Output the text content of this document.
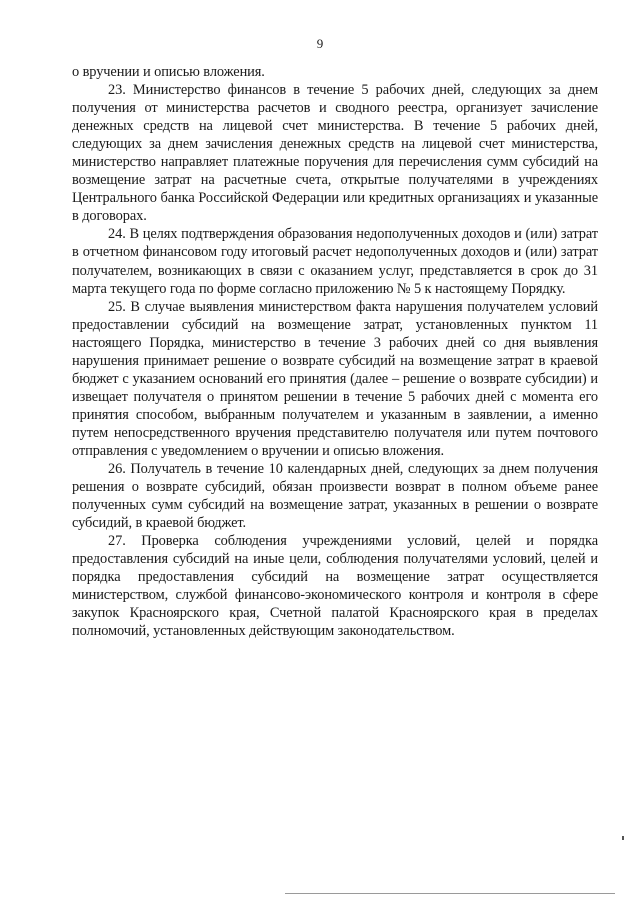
9

о вручении и описью вложения.

23. Министерство финансов в течение 5 рабочих дней, следующих за днем получения от министерства расчетов и сводного реестра, организует зачисление денежных средств на лицевой счет министерства. В течение 5 рабочих дней, следующих за днем зачисления денежных средств на лицевой счет министерства, министерство направляет платежные поручения для перечисления сумм субсидий на возмещение затрат на расчетные счета, открытые получателями в учреждениях Центрального банка Российской Федерации или кредитных организациях и указанные в договорах.

24. В целях подтверждения образования недополученных доходов и (или) затрат в отчетном финансовом году итоговый расчет недополученных доходов и (или) затрат получателем, возникающих в связи с оказанием услуг, представляется в срок до 31 марта текущего года по форме согласно приложению № 5 к настоящему Порядку.

25. В случае выявления министерством факта нарушения получателем условий предоставлении субсидий на возмещение затрат, установленных пунктом 11 настоящего Порядка, министерство в течение 3 рабочих дней со дня выявления нарушения принимает решение о возврате субсидий на возмещение затрат в краевой бюджет с указанием оснований его принятия (далее – решение о возврате субсидии) и извещает получателя о принятом решении в течение 5 рабочих дней с момента его принятия способом, выбранным получателем и указанным в заявлении, а именно путем непосредственного вручения представителю получателя или путем почтового отправления с уведомлением о вручении и описью вложения.

26. Получатель в течение 10 календарных дней, следующих за днем получения решения о возврате субсидий, обязан произвести возврат в полном объеме ранее полученных сумм субсидий на возмещение затрат, указанных в решении о возврате субсидий, в краевой бюджет.

27. Проверка соблюдения учреждениями условий, целей и порядка предоставления субсидий на иные цели, соблюдения получателями условий, целей и порядка предоставления субсидий на возмещение затрат осуществляется министерством, службой финансово-экономического контроля и контроля в сфере закупок Красноярского края, Счетной палатой Красноярского края в пределах полномочий, установленных действующим законодательством.
